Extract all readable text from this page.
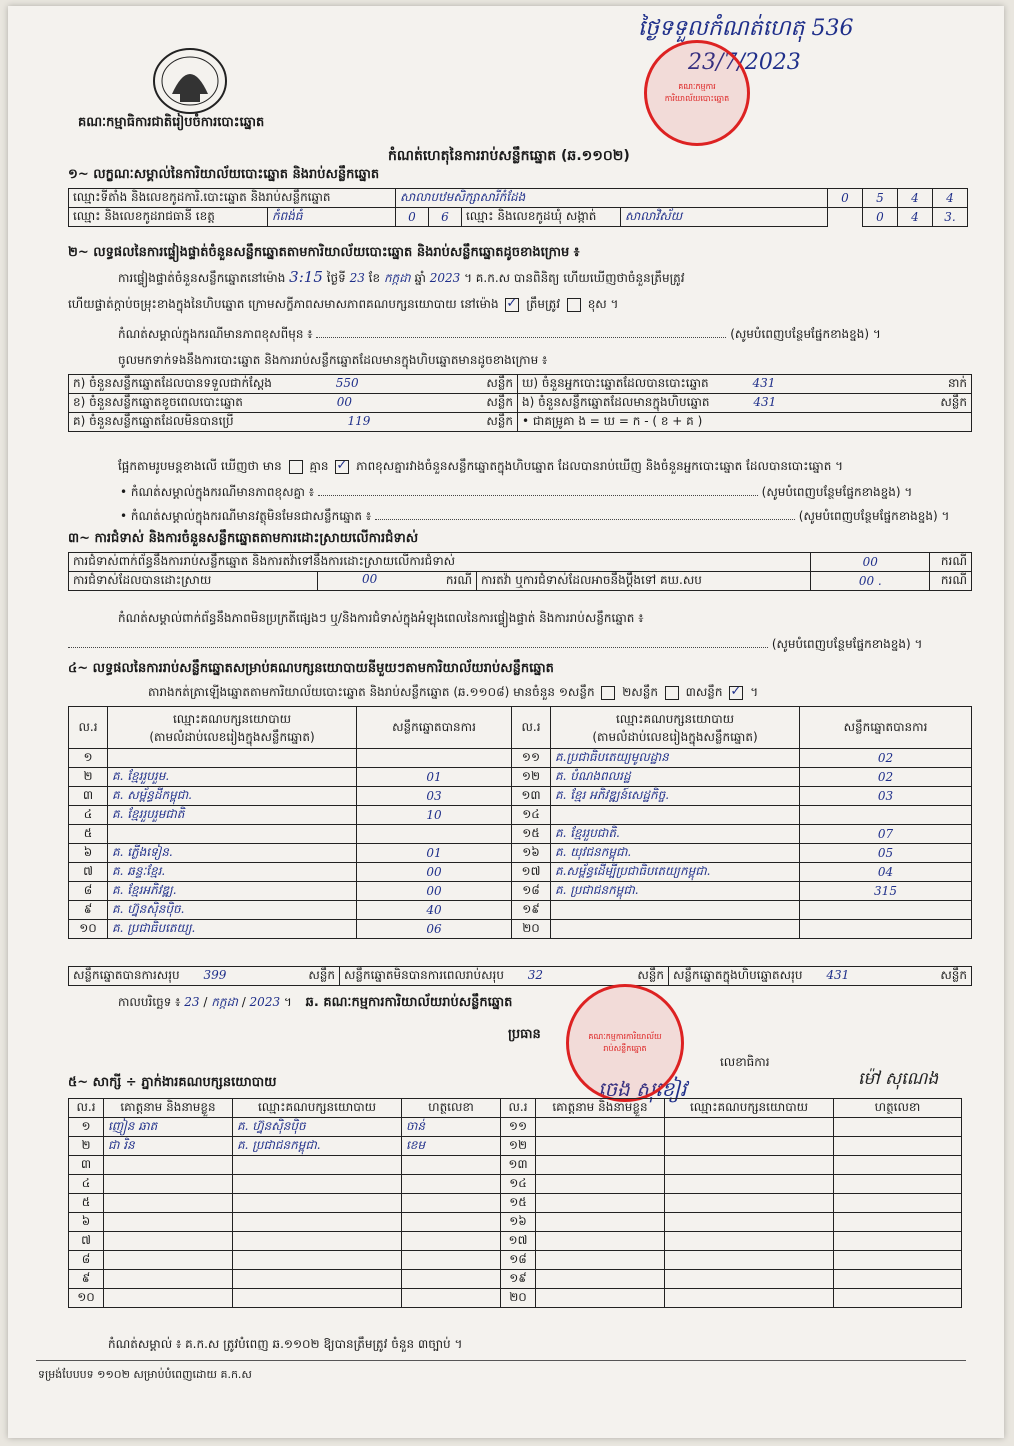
គណៈកម្មាធិការជាតិរៀបចំការបោះឆ្នោត
ថ្ងៃទទួលកំណត់ហេតុ 536
23/7/2023
គណៈកម្មការការិយាល័យបោះឆ្នោត
កំណត់ហេតុនៃការរាប់សន្លឹកឆ្នោត (ឆ.១១០២)
១~ លក្ខណៈសម្គាល់នៃការិយាល័យបោះឆ្នោត និងរាប់សន្លឹកឆ្នោត
ឈ្មោះទីតាំង និងលេខកូដការិ.បោះឆ្នោត និងរាប់សន្លឹកឆ្នោត	សាលាបឋមសិក្សាសារីកំដែង			0	5	4	4

ឈ្មោះ និងលេខកូដរាជធានី ខេត្ត កំពង់ធំ	0	6	ឈ្មោះ និងលេខកូដឃុំ សង្កាត់ សាលាវិស័យ		0	4	3.
២~ លទ្ធផលនៃការផ្ទៀងផ្ទាត់ចំនួនសន្លឹកឆ្នោតតាមការិយាល័យបោះឆ្នោត និងរាប់សន្លឹកឆ្នោតដូចខាងក្រោម ៖
ការផ្ទៀងផ្ទាត់ចំនួនសន្លឹកឆ្នោតនៅម៉ោង 3:15 ថ្ងៃទី 23 ខែ កក្កដា ឆ្នាំ 2023 ។ គ.ក.ស បានពិនិត្យ ហើយឃើញថាចំនួនត្រឹមត្រូវ
ហើយផ្ទាត់ក្ដាប់ចម្រុះខាងក្នុងនៃហិបឆ្នោត ក្រោមសក្ខីភាពសមាសភាពគណបក្សនយោបាយ នៅម៉ោង ✓ ត្រឹមត្រូវ ខុស ។
កំណត់សម្គាល់ក្នុងករណីមានភាពខុសពីមុន ៖	(សូមបំពេញបន្ថែមផ្នែកខាងខ្នង) ។
ចូលមកទាក់ទងនឹងការបោះឆ្នោត និងការរាប់សន្លឹកឆ្នោតដែលមានក្នុងហិបឆ្នោតមានដូចខាងក្រោម ៖
ក) ចំនួនសន្លឹកឆ្នោតដែលបានទទួលជាក់ស្ដែង 550 សន្លឹក	ឃ) ចំនួនអ្នកបោះឆ្នោតដែលបានបោះឆ្នោត 431 នាក់

ខ) ចំនួនសន្លឹកឆ្នោតខូចពេលបោះឆ្នោត 00 សន្លឹក	ង) ចំនួនសន្លឹកឆ្នោតដែលមានក្នុងហិបឆ្នោត 431 សន្លឹក

គ) ចំនួនសន្លឹកឆ្នោតដែលមិនបានប្រើ 119 សន្លឹក	• ជាគម្រូគា ង = ឃ = ក - ( ខ + គ )
ផ្អែកតាមរូបមន្តខាងលើ ឃើញថា មាន គ្មាន ✓ ភាពខុសគ្នារវាងចំនួនសន្លឹកឆ្នោតក្នុងហិបឆ្នោត ដែលបានរាប់ឃើញ និងចំនួនអ្នកបោះឆ្នោត ដែលបានបោះឆ្នោត ។
• កំណត់សម្គាល់ក្នុងករណីមានភាពខុសគ្នា ៖	(សូមបំពេញបន្ថែមផ្នែកខាងខ្នង) ។
• កំណត់សម្គាល់ក្នុងករណីមានវត្ថុមិនមែនជាសន្លឹកឆ្នោត ៖	(សូមបំពេញបន្ថែមផ្នែកខាងខ្នង) ។
៣~ ការជំទាស់ និងការចំនួនសន្លឹកឆ្នោតតាមការដោះស្រាយលើការជំទាស់
ការជំទាស់ពាក់ព័ន្ធនឹងការរាប់សន្លឹកឆ្នោត និងការតវ៉ាទៅនឹងការដោះស្រាយលើការជំទាស់			00	ករណី
ការជំទាស់ដែលបានដោះស្រាយ	00 ករណី	ការតវ៉ា ឬការជំទាស់ដែលអាចនឹងប្ដឹងទៅ គឃ.សប	00 .	ករណី
កំណត់សម្គាល់ពាក់ព័ន្ធនឹងភាពមិនប្រក្រតីផ្សេងៗ ឬ/និងការជំទាស់ក្នុងអំឡុងពេលនៃការផ្ទៀងផ្ទាត់ និងការរាប់សន្លឹកឆ្នោត ៖
(សូមបំពេញបន្ថែមផ្នែកខាងខ្នង) ។
៤~ លទ្ធផលនៃការរាប់សន្លឹកឆ្នោតសម្រាប់គណបក្សនយោបាយនីមួយៗតាមការិយាល័យរាប់សន្លឹកឆ្នោត
តារាងកត់ត្រាឡើងឆ្នោតតាមការិយាល័យបោះឆ្នោត និងរាប់សន្លឹកឆ្នោត (ឆ.១១០៨) មានចំនួន ១សន្លឹក ២សន្លឹក ៣សន្លឹក ✓ ។
ល.រ	ឈ្មោះគណបក្សនយោបាយ
(តាមលំដាប់លេខរៀងក្នុងសន្លឹកឆ្នោត)	សន្លឹកឆ្នោតបានការ	ល.រ	ឈ្មោះគណបក្សនយោបាយ
(តាមលំដាប់លេខរៀងក្នុងសន្លឹកឆ្នោត)	សន្លឹកឆ្នោតបានការ
១			១១	គ.ប្រជាធិបតេយ្យមូលដ្ឋាន	02
២	គ. ខ្មែររួបរួម.	01	១២	គ. បំណងពលរដ្ឋ	02
៣	គ. សម្ព័ន្ធដីកម្ពុជា.	03	១៣	គ. ខ្មែរ​ អភិវឌ្ឍន៍សេដ្ឋកិច្ច.	03
៤	គ. ខ្មែររួបរួមជាតិ	10	១៤		
៥			១៥	គ. ខ្មែររួបជាតិ.	07
៦	គ. ភ្លើងទៀន.	01	១៦	គ. យុវជនកម្ពុជា.	05
៧	គ. ឆន្ទៈខ្មែរ.	00	១៧	គ.សម្ព័ន្ធដើម្បីប្រជាធិបតេយ្យកម្ពុជា.	04
៨	គ. ខ្មែរអភិវឌ្ឍ.	00	១៨	គ. ប្រជាជនកម្ពុជា.	315
៩	គ. ហ្វ៊ុនស៊ិនប៉ិច.	40	១៩		
១០	គ. ប្រជាធិបតេយ្យ.	06	២០		
សន្លឹកឆ្នោតបានការសរុប 399	សន្លឹក	សន្លឹកឆ្នោតមិនបានការពេលរាប់សរុប 32	សន្លឹក	សន្លឹកឆ្នោតក្នុងហិបឆ្នោតសរុប 431	សន្លឹក
កាលបរិច្ឆេទ ៖ 23 / កក្កដា / 2023 ។ ឆ. គណៈកម្មការការិយាល័យរាប់សន្លឹកឆ្នោត
ប្រធាន
លេខាធិការ
ចេង សុខៀវ	ម៉ៅ សុណេង
គណៈកម្មការការិយាល័យរាប់សន្លឹកឆ្នោត
៥~ សាក្សី ÷ ភ្នាក់ងារគណបក្សនយោបាយ
ល.រ	គោត្តនាម និងនាមខ្លួន	ឈ្មោះគណបក្សនយោបាយ	ហត្ថលេខា	ល.រ	គោត្តនាម និងនាមខ្លួន	ឈ្មោះគណបក្សនយោបាយ	ហត្ថលេខា
១	ញៀន ឆាត	គ. ហ្វ៊ុនស៊ិនប៉ិច	ចាន់	១១			
២	ជា រិន	គ. ប្រជាជនកម្ពុជា.	ខេម	១២			
៣				១៣			
៤				១៤			
៥				១៥			
៦				១៦			
៧				១៧			
៨				១៨			
៩				១៩			
១០				២០			
កំណត់សម្គាល់ ៖ គ.ក.ស ត្រូវបំពេញ ឆ.១១០២ ឱ្យបានត្រឹមត្រូវ ចំនួន ៣ច្បាប់ ។
ទម្រង់បែបបទ ១១០២ សម្រាប់បំពេញដោយ គ.ក.ស
